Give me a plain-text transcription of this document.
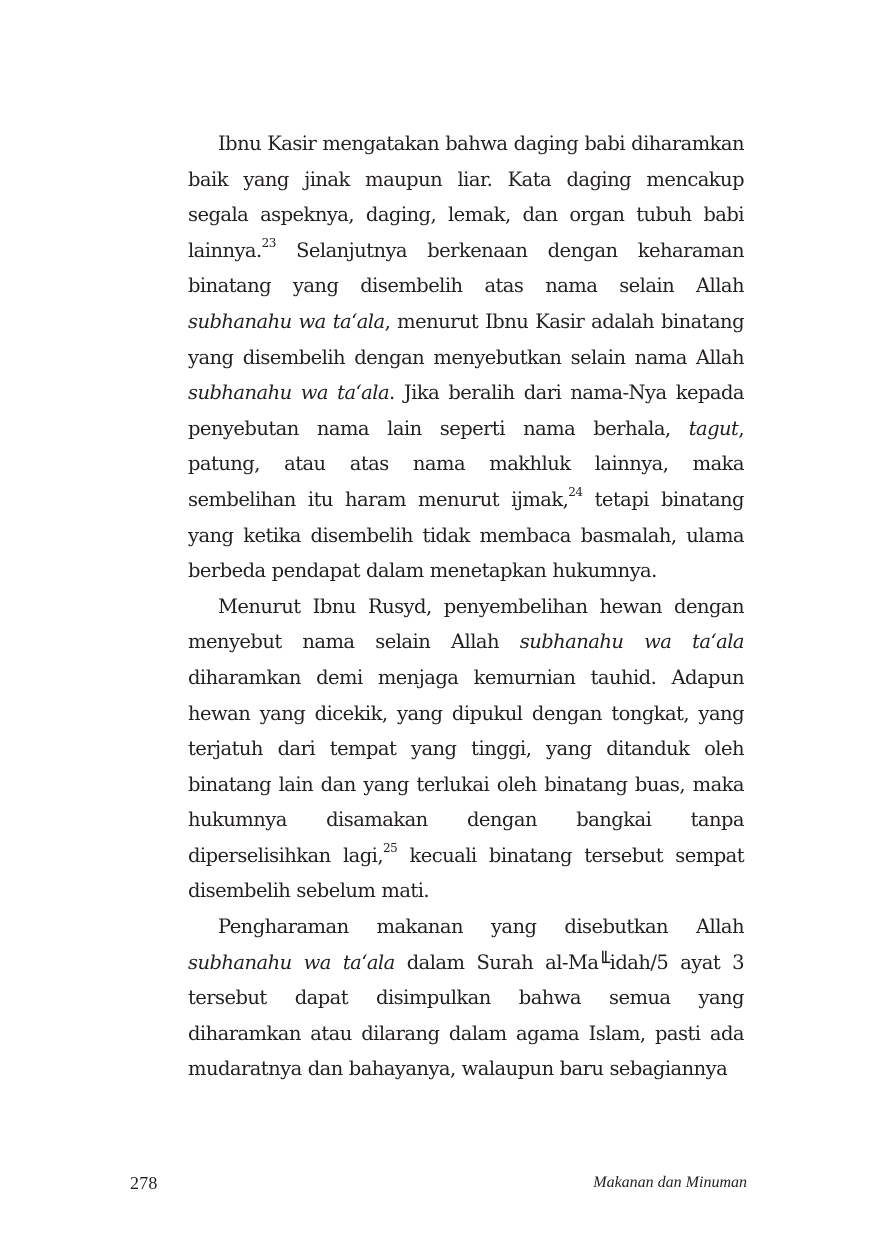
Ibnu Kasir mengatakan bahwa daging babi diharamkan baik yang jinak maupun liar. Kata daging mencakup segala aspeknya, daging, lemak, dan organ tubuh babi lainnya.$^{23}$ Selanjutnya berkenaan dengan keharaman binatang yang disembelih atas nama selain Allah subhanahu wa ta‘ala, menurut Ibnu Kasir adalah binatang yang disembelih dengan menyebutkan selain nama Allah subhanahu wa ta‘ala. Jika beralih dari nama-Nya kepada penyebutan nama lain seperti nama berhala, tagut, patung, atau atas nama makhluk lainnya, maka sembelihan itu haram menurut ijmak,$^{24}$ tetapi binatang yang ketika disembelih tidak membaca basmalah, ulama berbeda pendapat dalam menetapkan hukumnya.

Menurut Ibnu Rusyd, penyembelihan hewan dengan menyebut nama selain Allah subhanahu wa ta‘ala diharamkan demi menjaga kemurnian tauhid. Adapun hewan yang dicekik, yang dipukul dengan tongkat, yang terjatuh dari tempat yang tinggi, yang ditanduk oleh binatang lain dan yang terlukai oleh binatang buas, maka hukumnya disamakan dengan bangkai tanpa diperselisihkan lagi,$^{25}$ kecuali binatang tersebut sempat disembelih sebelum mati.

Pengharaman makanan yang disebutkan Allah subhanahu wa ta‘ala dalam Surah al-Ma╙idah/5 ayat 3 tersebut dapat disimpulkan bahwa semua yang diharamkan atau dilarang dalam agama Islam, pasti ada mudaratnya dan bahayanya, walaupun baru sebagiannya

278	Makanan dan Minuman
